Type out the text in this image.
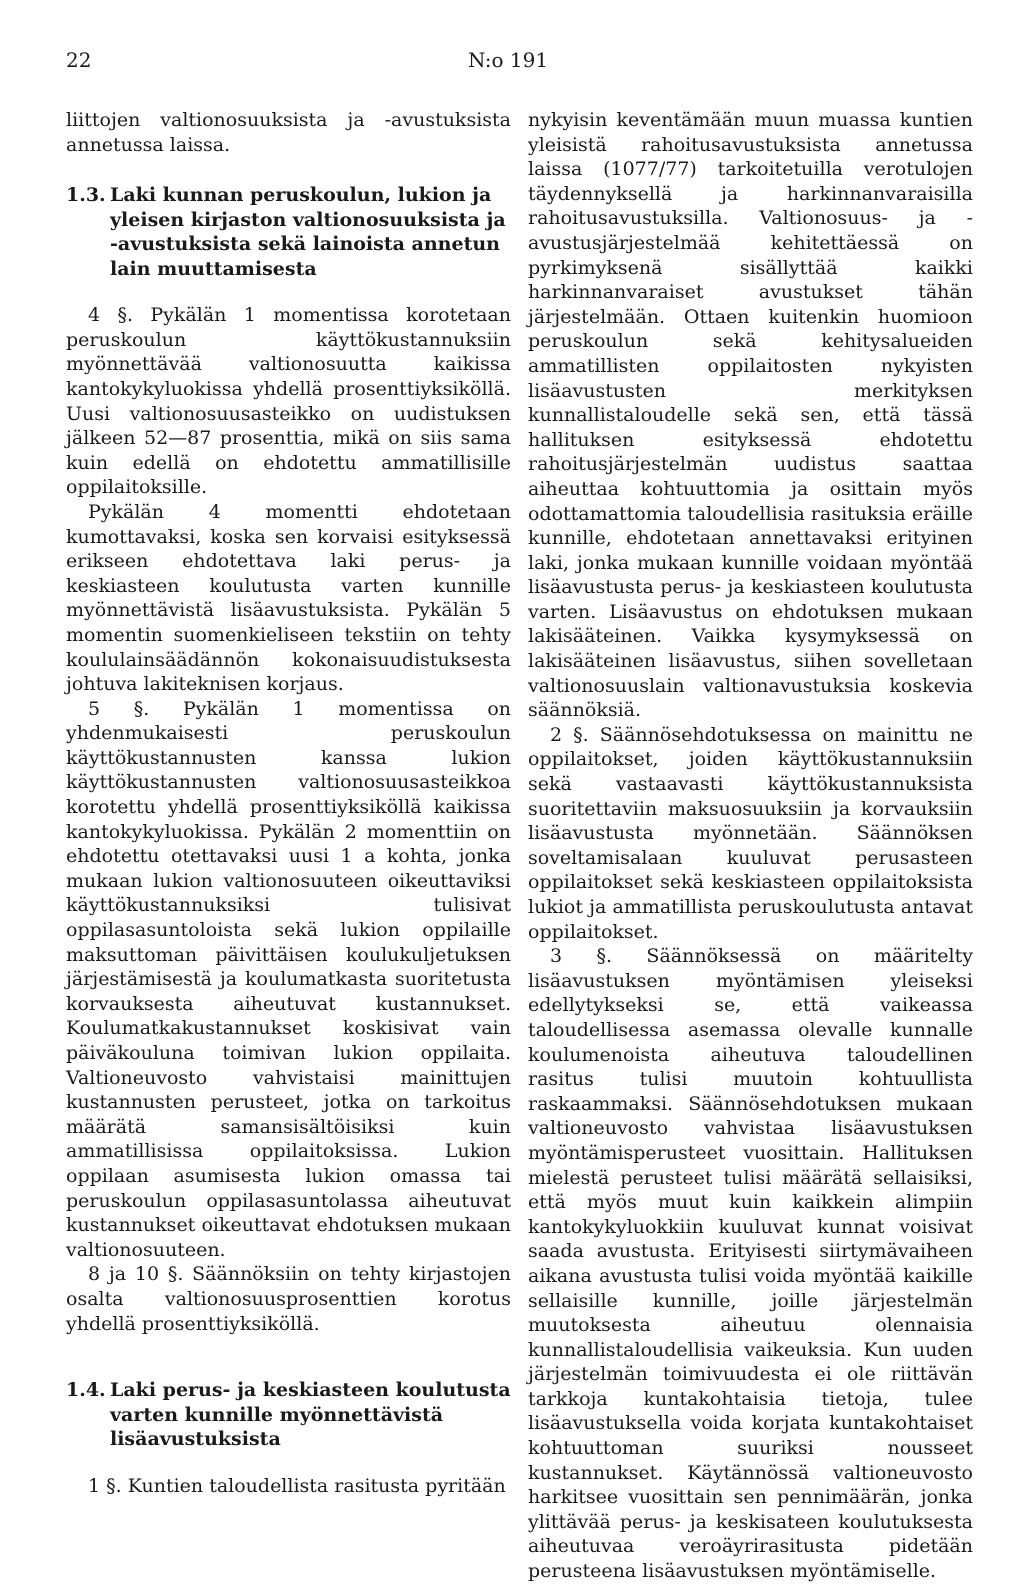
22	N:o 191

liittojen valtionosuuksista ja -avustuksista annetussa laissa.

1.3. Laki kunnan peruskoulun, lukion ja yleisen kirjaston valtionosuuksista ja -avustuksista sekä lainoista annetun lain muuttamisesta

4 §. Pykälän 1 momentissa korotetaan peruskoulun käyttökustannuksiin myönnettävää valtionosuutta kaikissa kantokykyluokissa yhdellä prosenttiyksiköllä. Uusi valtionosuusasteikko on uudistuksen jälkeen 52—87 prosenttia, mikä on siis sama kuin edellä on ehdotettu ammatillisille oppilaitoksille.

Pykälän 4 momentti ehdotetaan kumottavaksi, koska sen korvaisi esityksessä erikseen ehdotettava laki perus- ja keskiasteen koulutusta varten kunnille myönnettävistä lisäavustuksista. Pykälän 5 momentin suomenkieliseen tekstiin on tehty koululainsäädännön kokonaisuudistuksesta johtuva lakiteknisen korjaus.

5 §. Pykälän 1 momentissa on yhdenmukaisesti peruskoulun käyttökustannusten kanssa lukion käyttökustannusten valtionosuusasteikkoa korotettu yhdellä prosenttiyksiköllä kaikissa kantokykyluokissa. Pykälän 2 momenttiin on ehdotettu otettavaksi uusi 1 a kohta, jonka mukaan lukion valtionosuuteen oikeuttaviksi käyttökustannuksiksi tulisivat oppilasasuntoloista sekä lukion oppilaille maksuttoman päivittäisen koulukuljetuksen järjestämisestä ja koulumatkasta suoritetusta korvauksesta aiheutuvat kustannukset. Koulumatkakustannukset koskisivat vain päiväkouluna toimivan lukion oppilaita. Valtioneuvosto vahvistaisi mainittujen kustannusten perusteet, jotka on tarkoitus määrätä samansisältöisiksi kuin ammatillisissa oppilaitoksissa. Lukion oppilaan asumisesta lukion omassa tai peruskoulun oppilasasuntolassa aiheutuvat kustannukset oikeuttavat ehdotuksen mukaan valtionosuuteen.

8 ja 10 §. Säännöksiin on tehty kirjastojen osalta valtionosuusprosenttien korotus yhdellä prosenttiyksiköllä.

1.4. Laki perus- ja keskiasteen koulutusta varten kunnille myönnettävistä lisäavustuksista

1 §. Kuntien taloudellista rasitusta pyritään

nykyisin keventämään muun muassa kuntien yleisistä rahoitusavustuksista annetussa laissa (1077/77) tarkoitetuilla verotulojen täydennyksellä ja harkinnanvaraisilla rahoitusavustuksilla. Valtionosuus- ja -avustusjärjestelmää kehitettäessä on pyrkimyksenä sisällyttää kaikki harkinnanvaraiset avustukset tähän järjestelmään. Ottaen kuitenkin huomioon peruskoulun sekä kehitysalueiden ammatillisten oppilaitosten nykyisten lisäavustusten merkityksen kunnallistaloudelle sekä sen, että tässä hallituksen esityksessä ehdotettu rahoitusjärjestelmän uudistus saattaa aiheuttaa kohtuuttomia ja osittain myös odottamattomia taloudellisia rasituksia eräille kunnille, ehdotetaan annettavaksi erityinen laki, jonka mukaan kunnille voidaan myöntää lisäavustusta perus- ja keskiasteen koulutusta varten. Lisäavustus on ehdotuksen mukaan lakisääteinen. Vaikka kysymyksessä on lakisääteinen lisäavustus, siihen sovelletaan valtionosuuslain valtionavustuksia koskevia säännöksiä.

2 §. Säännösehdotuksessa on mainittu ne oppilaitokset, joiden käyttökustannuksiin sekä vastaavasti käyttökustannuksista suoritettaviin maksuosuuksiin ja korvauksiin lisäavustusta myönnetään. Säännöksen soveltamisalaan kuuluvat perusasteen oppilaitokset sekä keskiasteen oppilaitoksista lukiot ja ammatillista peruskoulutusta antavat oppilaitokset.

3 §. Säännöksessä on määritelty lisäavustuksen myöntämisen yleiseksi edellytykseksi se, että vaikeassa taloudellisessa asemassa olevalle kunnalle koulumenoista aiheutuva taloudellinen rasitus tulisi muutoin kohtuullista raskaammaksi. Säännösehdotuksen mukaan valtioneuvosto vahvistaa lisäavustuksen myöntämisperusteet vuosittain. Hallituksen mielestä perusteet tulisi määrätä sellaisiksi, että myös muut kuin kaikkein alimpiin kantokykyluokkiin kuuluvat kunnat voisivat saada avustusta. Erityisesti siirtymävaiheen aikana avustusta tulisi voida myöntää kaikille sellaisille kunnille, joille järjestelmän muutoksesta aiheutuu olennaisia kunnallistaloudellisia vaikeuksia. Kun uuden järjestelmän toimivuudesta ei ole riittävän tarkkoja kuntakohtaisia tietoja, tulee lisäavustuksella voida korjata kuntakohtaiset kohtuuttoman suuriksi nousseet kustannukset. Käytännössä valtioneuvosto harkitsee vuosittain sen pennimäärän, jonka ylittävää perus- ja keskisateen koulutuksesta aiheutuvaa veroäyrirasitusta pidetään perusteena lisäavustuksen myöntämiselle.
